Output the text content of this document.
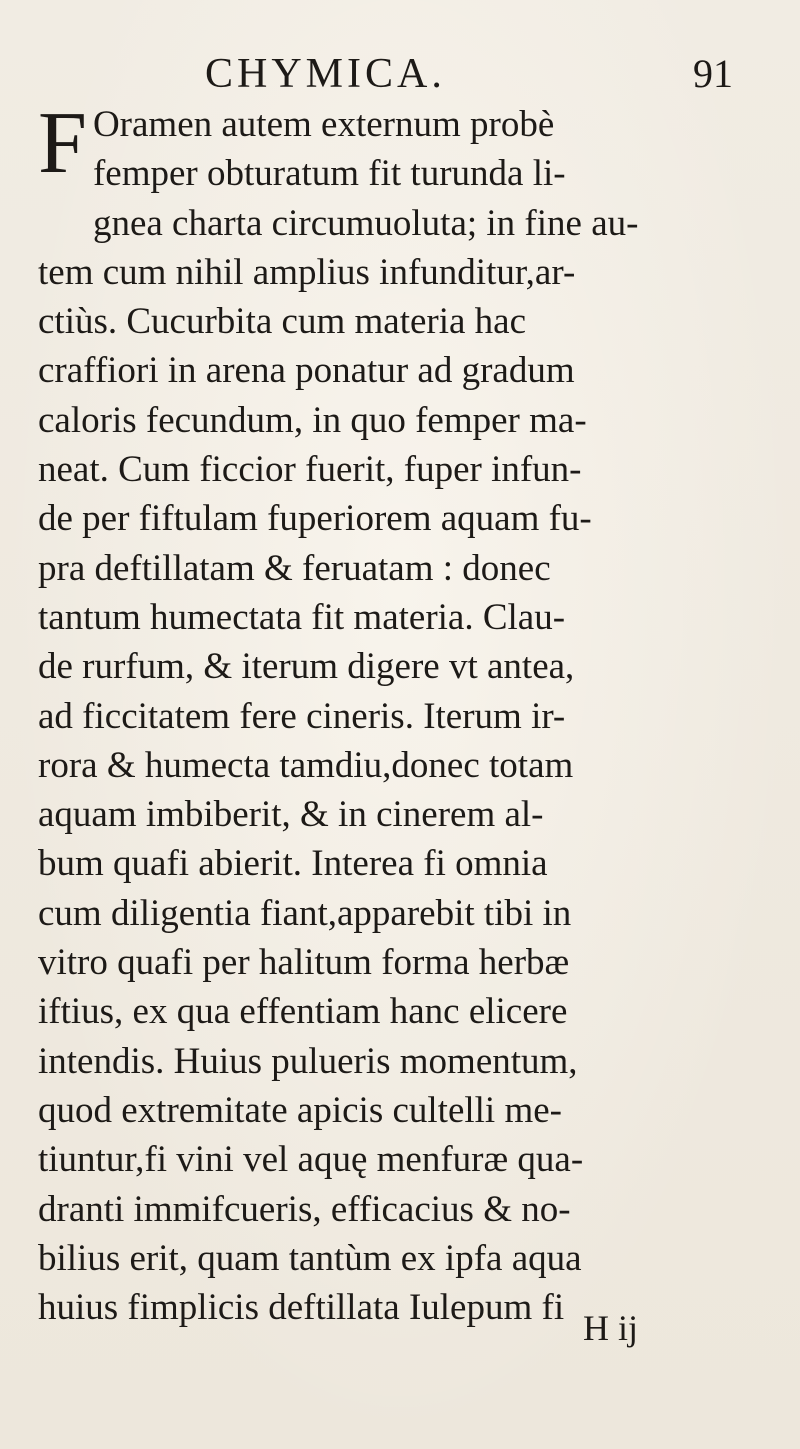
CHYMICA.	91
F Oramen autem externum probè
femper obturatum fit turunda li-
gnea charta circumuoluta; in fine au-
tem cum nihil amplius infunditur,ar-
ctiùs. Cucurbita cum materia hac
craffiori in arena ponatur ad gradum
caloris fecundum, in quo femper ma-
neat. Cum ficcior fuerit, fuper infun-
de per fiftulam fuperiorem aquam fu-
pra deftillatam & feruatam : donec
tantum humectata fit materia. Clau-
de rurfum, & iterum digere vt antea,
ad ficcitatem fere cineris. Iterum ir-
rora & humecta tamdiu,donec totam
aquam imbiberit, & in cinerem al-
bum quafi abierit. Interea fi omnia
cum diligentia fiant,apparebit tibi in
vitro quafi per halitum forma herbæ
iftius, ex qua effentiam hanc elicere
intendis. Huius pulueris momentum,
quod extremitate apicis cultelli me-
tiuntur,fi vini vel aquę menfuræ qua-
dranti immifcueris, efficacius & no-
bilius erit, quam tantùm ex ipfa aqua
huius fimplicis deftillata Iulepum fi H ij
